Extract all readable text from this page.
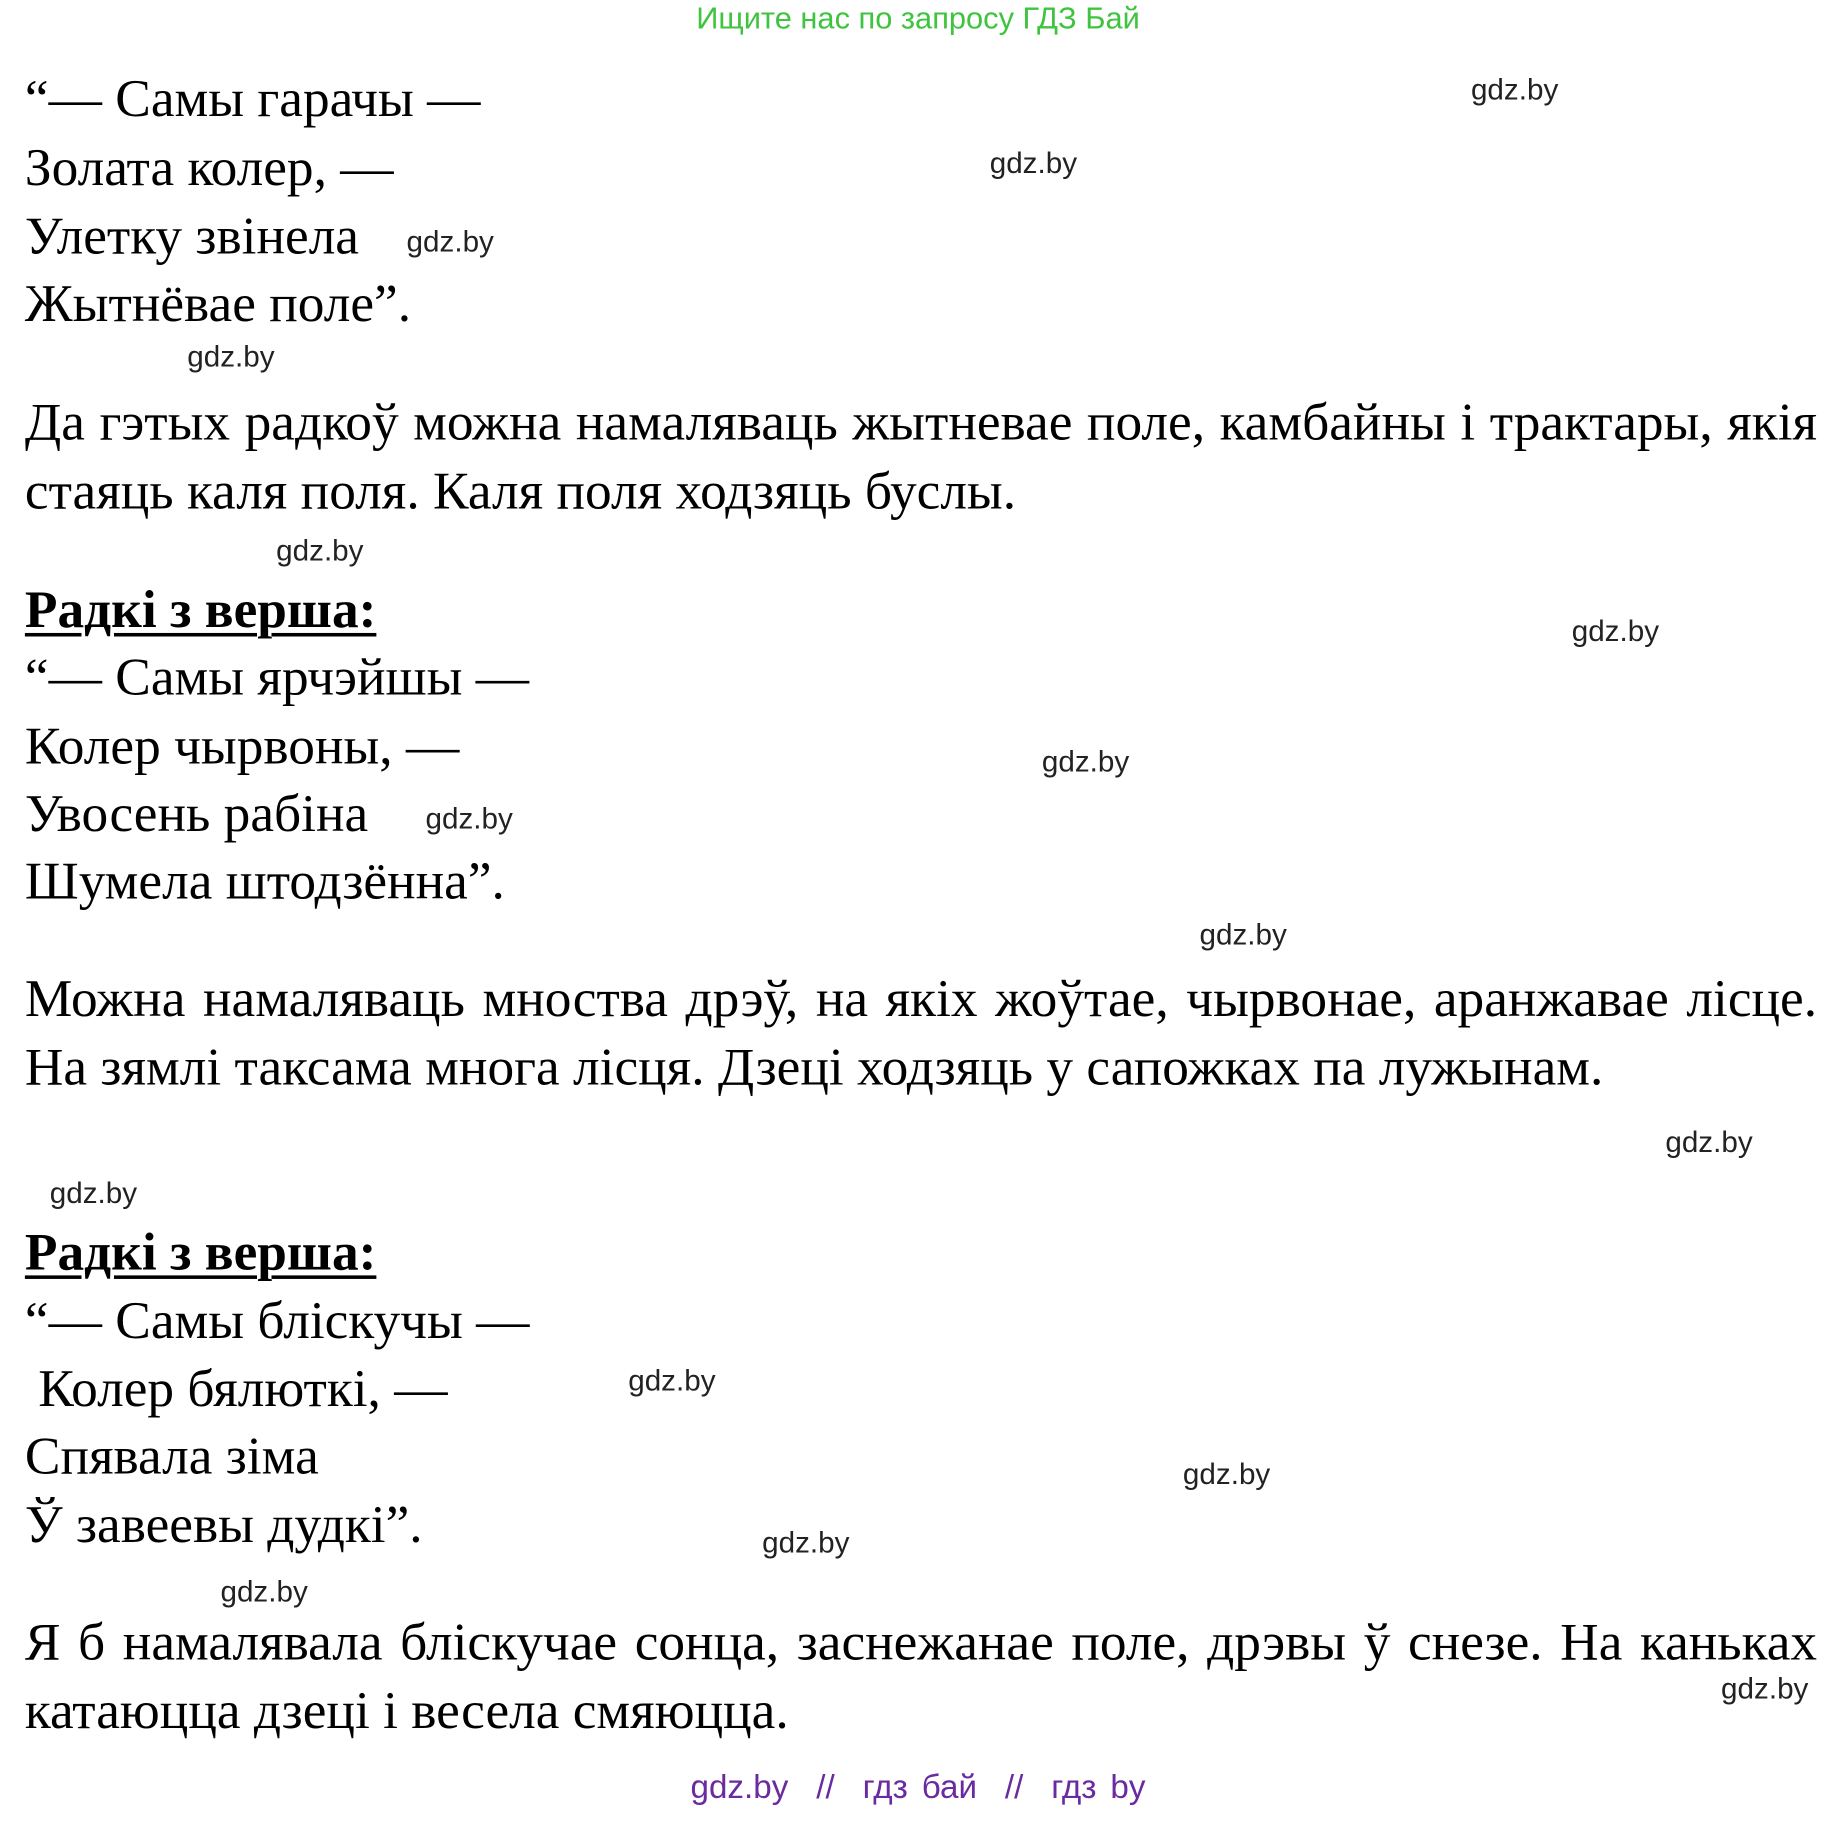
Ищите нас по запросу ГДЗ Бай
“— Самы гарачы —
Золата колер, —
Улетку звінела
Жытнёвае поле”.
Да гэтых радкоў можна намаляваць жытневае поле, камбайны і трактары, якія стаяць каля поля. Каля поля ходзяць буслы.
Радкі з верша:
“— Самы ярчэйшы —
Колер чырвоны, —
Увосень рабіна
Шумела штодзённа”.
Можна намаляваць мноства дрэў, на якіх жоўтае, чырвонае, аранжавае лісце. На зямлі таксама многа лісця. Дзецi ходзяць у сапожках па лужынам.
Радкі з верша:
“— Самы бліскучы —
Колер бялюткі, —
Спявала зіма
Ў завеевы дудкі”.
Я б намалявала бліскучае сонца, заснежанае поле, дрэвы ў снезе. На каньках катаюцца дзеці і весела смяюцца.
gdz.by
gdz.by
gdz.by
gdz.by
gdz.by
gdz.by
gdz.by
gdz.by
gdz.by
gdz.by
gdz.by
gdz.by
gdz.by
gdz.by
gdz.by
gdz.by
gdz.by  //  гдз бай  //  гдз by
